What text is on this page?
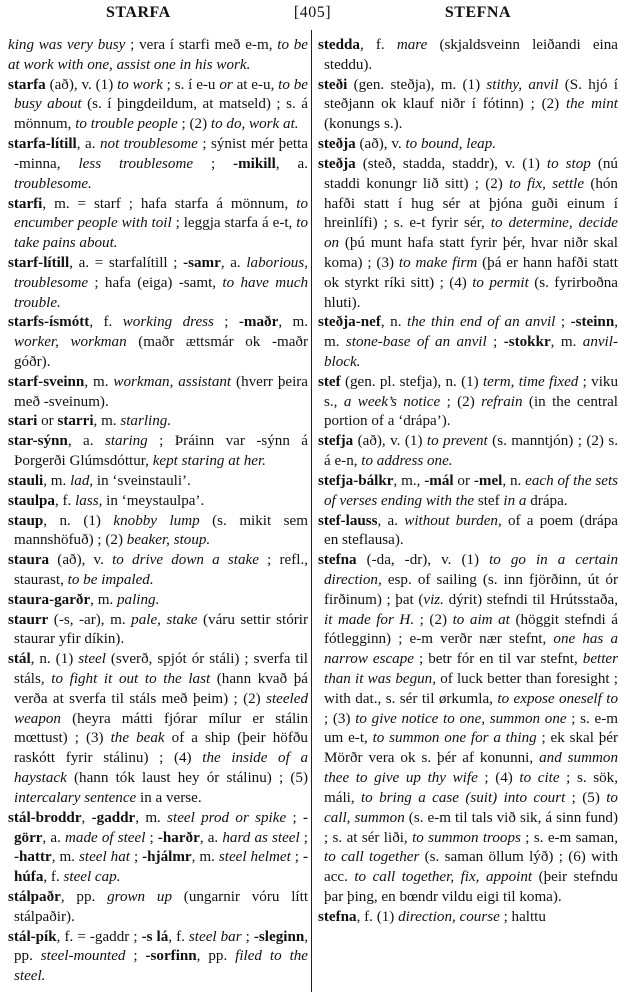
STARFA	[405]	STEFNA

king was very busy ; vera í starfi með e-m, to be at work with one, assist one in his work.

starfa (að), v. (1) to work ; s. í e-u or at e-u, to be busy about (s. í þingdeildum, at matseld) ; s. á mönnum, to trouble people ; (2) to do, work at.

starfa-lítill, a. not troublesome ; sýnist mér þetta -minna, less troublesome ; -mikill, a. troublesome.

starfi, m. = starf ; hafa starfa á mönnum, to encumber people with toil ; leggja starfa á e-t, to take pains about.

starf-lítill, a. = starfalítill ; -samr, a. laborious, troublesome ; hafa (eiga) -samt, to have much trouble.

starfs-ísmótt, f. working dress ; -maðr, m. worker, workman (maðr ættsmár ok -maðr góðr).

starf-sveinn, m. workman, assistant (hverr þeira með -sveinum).

stari or starri, m. starling.

star-sýnn, a. staring ; Þráinn var -sýnn á Þorgerði Glúmsdóttur, kept staring at her.

stauli, m. lad, in ‘sveinstauli’.

staulpa, f. lass, in ‘meystaulpa’.

staup, n. (1) knobby lump (s. mikit sem mannshöfuð) ; (2) beaker, stoup.

staura (að), v. to drive down a stake ; refl., staurast, to be impaled.

staura-garðr, m. paling.

staurr (-s, -ar), m. pale, stake (váru settir stórir staurar yfir díkin).

stál, n. (1) steel (sverð, spjót ór stáli) ; sverfa til stáls, to fight it out to the last (hann kvað þá verða at sverfa til stáls með þeim) ; (2) steeled weapon (heyra mátti fjórar mílur er stálin mœttust) ; (3) the beak of a ship (þeir höfðu raskótt fyrir stálinu) ; (4) the inside of a haystack (hann tók laust hey ór stálinu) ; (5) intercalary sentence in a verse.

stál-broddr, -gaddr, m. steel prod or spike ; -görr, a. made of steel ; -harðr, a. hard as steel ; -hattr, m. steel hat ; -hjálmr, m. steel helmet ; -húfa, f. steel cap.

stálpaðr, pp. grown up (ungarnir vóru lítt stálpaðir).

stál-pík, f. = -gaddr ; -s lá, f. steel bar ; -sleginn, pp. steel-mounted ; -sorfinn, pp. filed to the steel.

stedda, f. mare (skjaldsveinn leiðandi eina steddu).

steði (gen. steðja), m. (1) stithy, anvil (S. hjó í steðjann ok klauf niðr í fótinn) ; (2) the mint (konungs s.).

steðja (að), v. to bound, leap.

steðja (steð, stadda, staddr), v. (1) to stop (nú staddi konungr lið sitt) ; (2) to fix, settle (hón hafði statt í hug sér at þjóna guði einum í hreinlífi) ; s. e-t fyrir sér, to determine, decide on (þú munt hafa statt fyrir þér, hvar niðr skal koma) ; (3) to make firm (þá er hann hafði statt ok styrkt ríki sitt) ; (4) to permit (s. fyrirboðna hluti).

steðja-nef, n. the thin end of an anvil ; -steinn, m. stone-base of an anvil ; -stokkr, m. anvil-block.

stef (gen. pl. stefja), n. (1) term, time fixed ; viku s., a week’s notice ; (2) refrain (in the central portion of a ‘drápa’).

stefja (að), v. (1) to prevent (s. manntjón) ; (2) s. á e-n, to address one.

stefja-bálkr, m., -mál or -mel, n. each of the sets of verses ending with the stef in a drápa.

stef-lauss, a. without burden, of a poem (drápa en steflausa).

stefna (-da, -dr), v. (1) to go in a certain direction, esp. of sailing (s. inn fjörðinn, út ór firðinum) ; þat (viz. dýrit) stefndi til Hrútsstaða, it made for H. ; (2) to aim at (höggit stefndi á fótlegginn) ; e-m verðr nær stefnt, one has a narrow escape ; betr fór en til var stefnt, better than it was begun, of luck better than foresight ; with dat., s. sér til ørkumla, to expose oneself to ; (3) to give notice to one, summon one ; s. e-m um e-t, to summon one for a thing ; ek skal þér Mörðr vera ok s. þér af konunni, and summon thee to give up thy wife ; (4) to cite ; s. sök, máli, to bring a case (suit) into court ; (5) to call, summon (s. e-m til tals við sik, á sinn fund) ; s. at sér liði, to summon troops ; s. e-m saman, to call together (s. saman öllum lýð) ; (6) with acc. to call together, fix, appoint (þeir stefndu þar þing, en bœndr vildu eigi til koma).

stefna, f. (1) direction, course ; halttu
